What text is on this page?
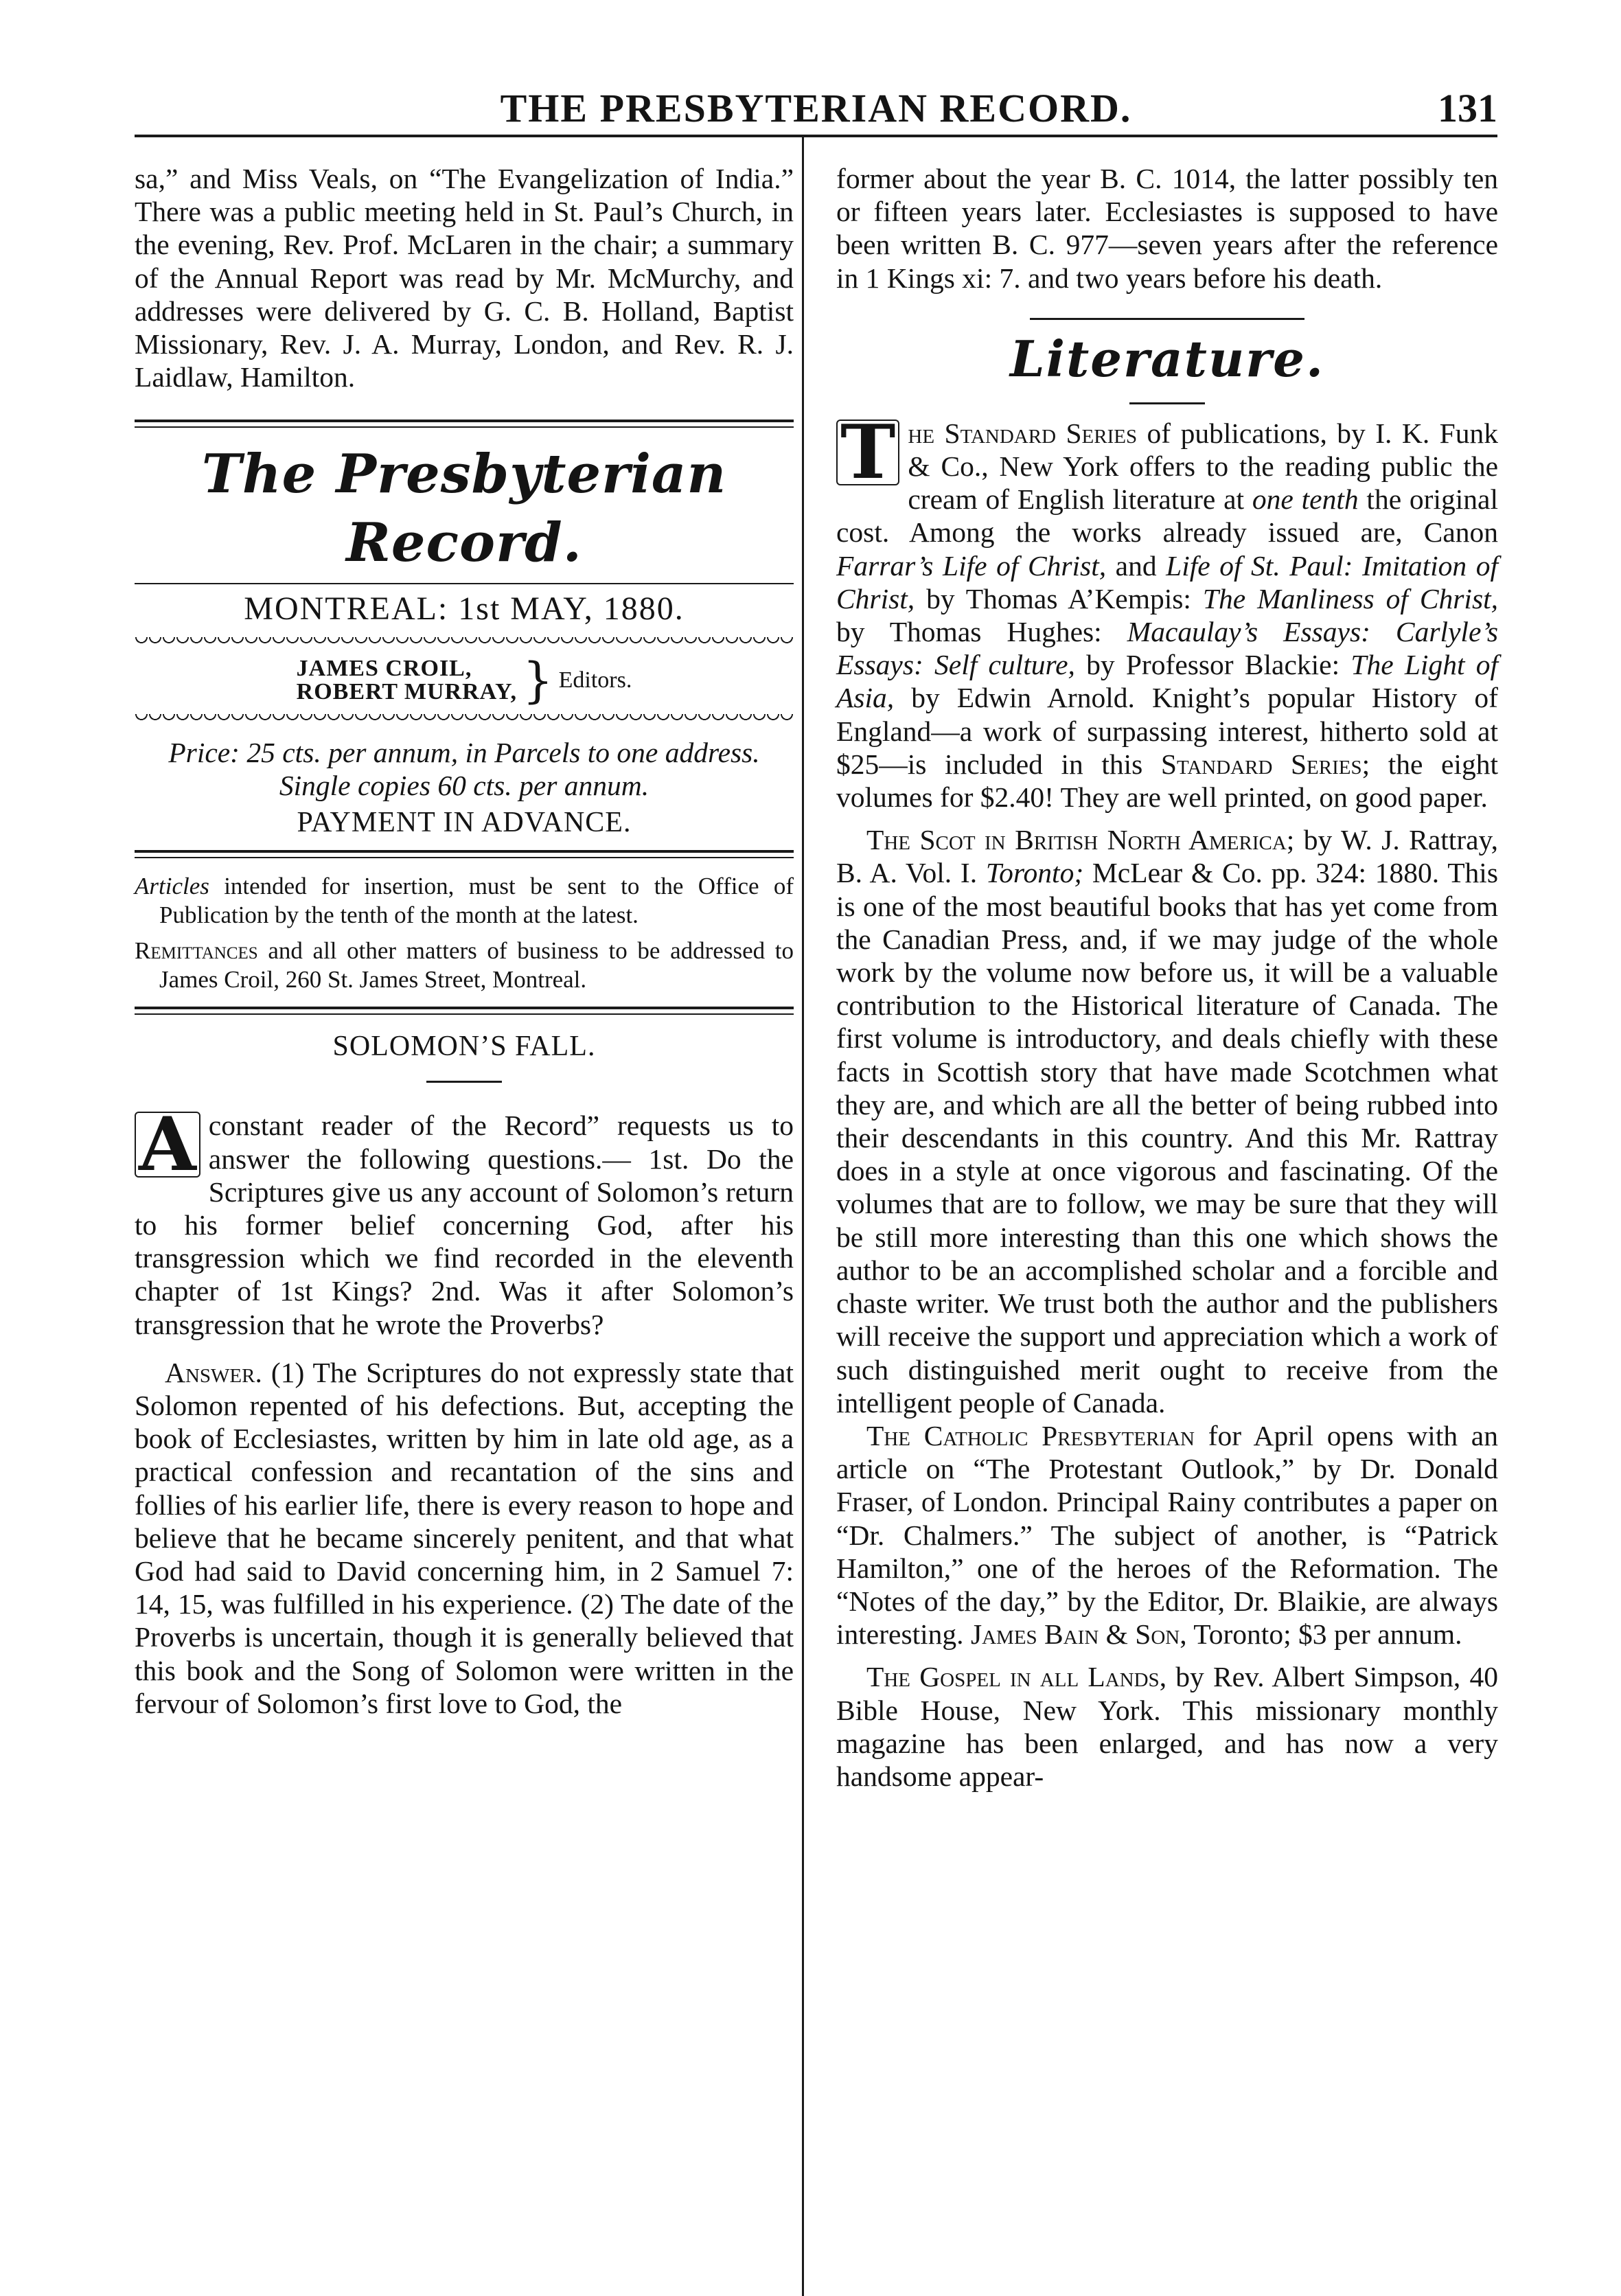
THE PRESBYTERIAN RECORD.	131

sa,” and Miss Veals, on “The Evangelization of India.” There was a public meeting held in St. Paul’s Church, in the evening, Rev. Prof. McLaren in the chair; a summary of the Annual Report was read by Mr. McMurchy, and addresses were delivered by G. C. B. Holland, Baptist Missionary, Rev. J. A. Murray, London, and Rev. R. J. Laidlaw, Hamilton.

The Presbyterian Record.
MONTREAL: 1st MAY, 1880.
JAMES CROIL,
ROBERT MURRAY, } Editors.

Price: 25 cts. per annum, in Parcels to one address. Single copies 60 cts. per annum.

PAYMENT IN ADVANCE.

Articles intended for insertion, must be sent to the Office of Publication by the tenth of the month at the latest.

Remittances and all other matters of business to be addressed to James Croil, 260 St. James Street, Montreal.

SOLOMON’S FALL.

A constant reader of the Record” requests us to answer the following questions.— 1st. Do the Scriptures give us any account of Solomon’s return to his former belief concerning God, after his transgression which we find recorded in the eleventh chapter of 1st Kings? 2nd. Was it after Solomon’s transgression that he wrote the Proverbs?

Answer. (1) The Scriptures do not expressly state that Solomon repented of his defections. But, accepting the book of Ecclesiastes, written by him in late old age, as a practical confession and recantation of the sins and follies of his earlier life, there is every reason to hope and believe that he became sincerely penitent, and that what God had said to David concerning him, in 2 Samuel 7: 14, 15, was fulfilled in his experience. (2) The date of the Proverbs is uncertain, though it is generally believed that this book and the Song of Solomon were written in the fervour of Solomon’s first love to God, the

former about the year B. C. 1014, the latter possibly ten or fifteen years later. Ecclesiastes is supposed to have been written B. C. 977—seven years after the reference in 1 Kings xi: 7. and two years before his death.

Literature.

T he Standard Series of publications, by I. K. Funk & Co., New York offers to the reading public the cream of English literature at one tenth the original cost. Among the works already issued are, Canon Farrar’s Life of Christ, and Life of St. Paul: Imitation of Christ, by Thomas A’Kempis: The Manliness of Christ, by Thomas Hughes: Macaulay’s Essays: Carlyle’s Essays: Self culture, by Professor Blackie: The Light of Asia, by Edwin Arnold. Knight’s popular History of England—a work of surpassing interest, hitherto sold at $25—is included in this Standard Series; the eight volumes for $2.40! They are well printed, on good paper.

The Scot in British North America; by W. J. Rattray, B. A. Vol. I. Toronto; McLear & Co. pp. 324: 1880. This is one of the most beautiful books that has yet come from the Canadian Press, and, if we may judge of the whole work by the volume now before us, it will be a valuable contribution to the Historical literature of Canada. The first volume is introductory, and deals chiefly with these facts in Scottish story that have made Scotchmen what they are, and which are all the better of being rubbed into their descendants in this country. And this Mr. Rattray does in a style at once vigorous and fascinating. Of the volumes that are to follow, we may be sure that they will be still more interesting than this one which shows the author to be an accomplished scholar and a forcible and chaste writer. We trust both the author and the publishers will receive the support und appreciation which a work of such distinguished merit ought to receive from the intelligent people of Canada.

The Catholic Presbyterian for April opens with an article on “The Protestant Outlook,” by Dr. Donald Fraser, of London. Principal Rainy contributes a paper on “Dr. Chalmers.” The subject of another, is “Patrick Hamilton,” one of the heroes of the Reformation. The “Notes of the day,” by the Editor, Dr. Blaikie, are always interesting. James Bain & Son, Toronto; $3 per annum.

The Gospel in all Lands, by Rev. Albert Simpson, 40 Bible House, New York. This missionary monthly magazine has been enlarged, and has now a very handsome appear-
